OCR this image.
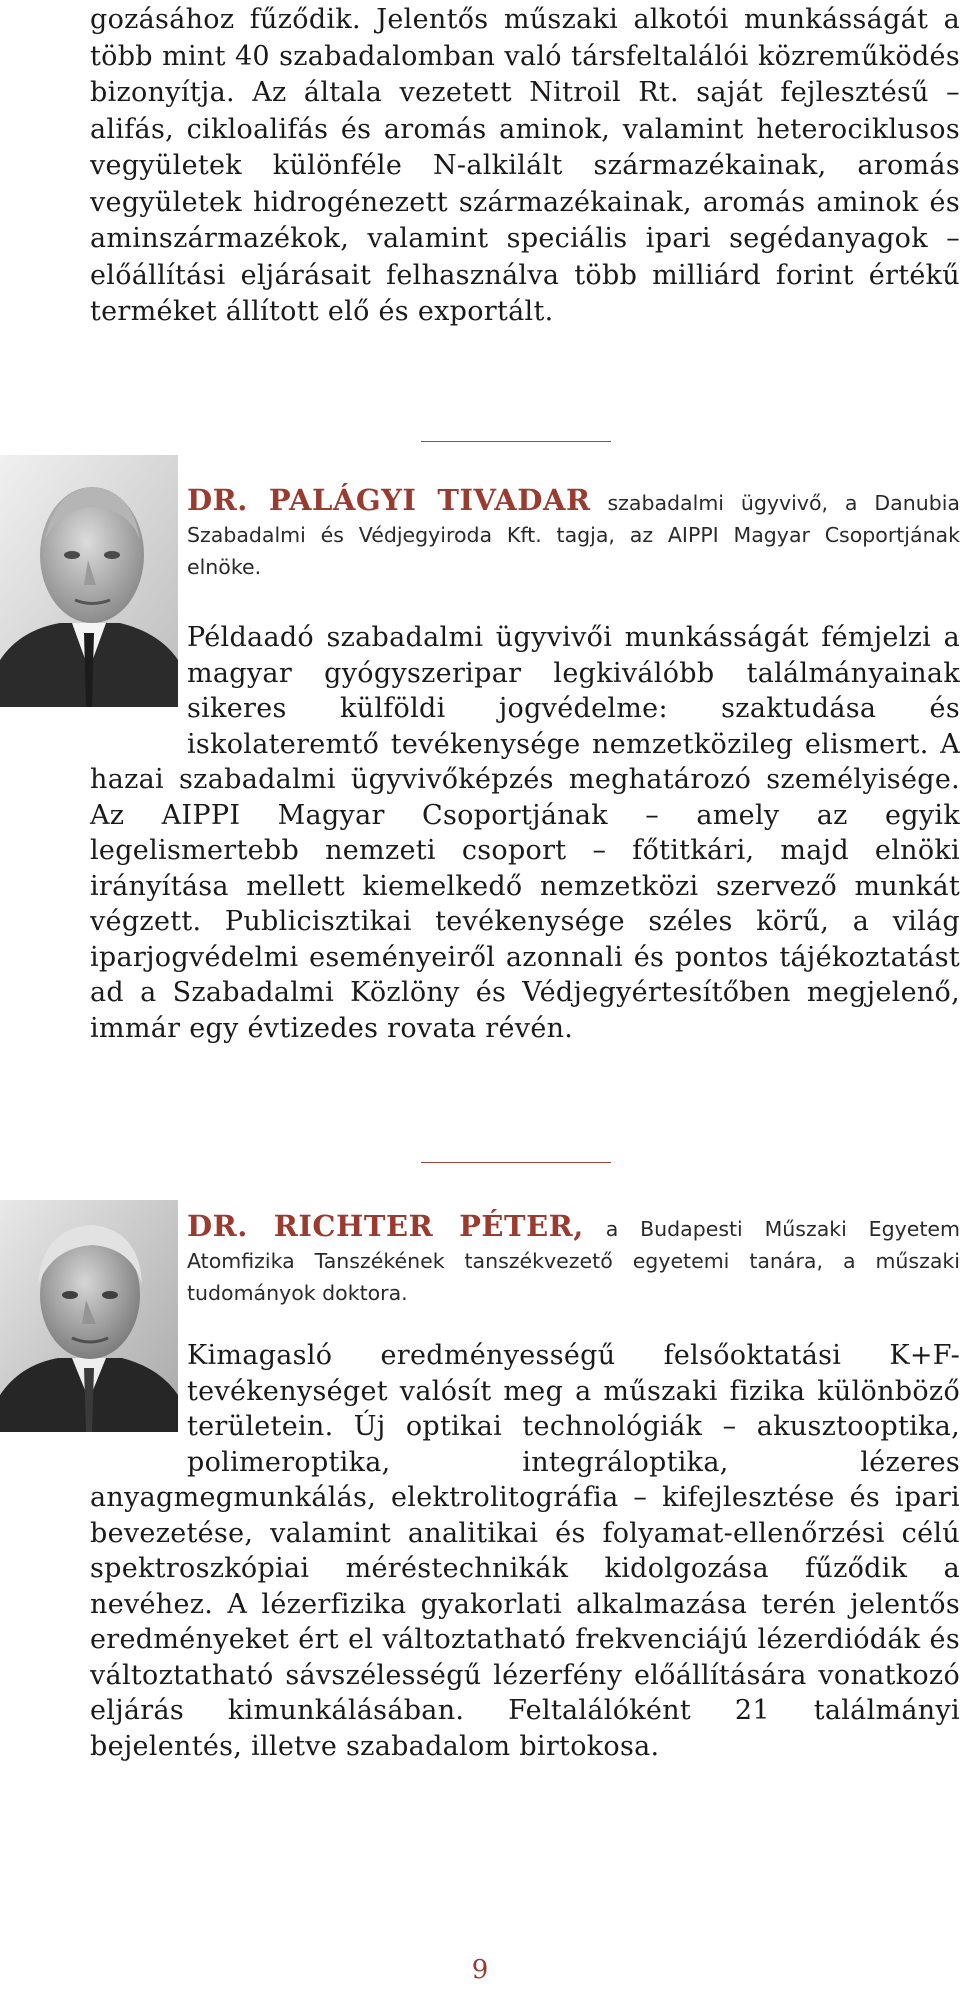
gozásához fűződik. Jelentős műszaki alkotói munkásságát a több mint 40 szabadalomban való társfeltalálói közreműködés bizonyítja. Az általa vezetett Nitroil Rt. saját fejlesztésű – alifás, cikloalifás és aromás aminok, valamint heterociklusos vegyületek különféle N-alkilált származékainak, aromás vegyületek hidrogénezett származékainak, aromás aminok és aminszármazékok, valamint speciális ipari segédanyagok – előállítási eljárásait felhasználva több milliárd forint értékű terméket állított elő és exportált.
DR. PALÁGYI TIVADAR szabadalmi ügyvivő, a Danubia Szabadalmi és Védjegyiroda Kft. tagja, az AIPPI Magyar Csoportjának elnöke.
Példaadó szabadalmi ügyvivői munkásságát fémjelzi a magyar gyógyszeripar legkiválóbb találmányainak sikeres külföldi jogvédelme: szaktudása és iskolateremtő tevékenysége nemzetközileg elismert. A hazai szabadalmi ügyvivőképzés meghatározó személyisége. Az AIPPI Magyar Csoportjának – amely az egyik legelismertebb nemzeti csoport – főtitkári, majd elnöki irányítása mellett kiemelkedő nemzetközi szervező munkát végzett. Publicisztikai tevékenysége széles körű, a világ iparjogvédelmi eseményeiről azonnali és pontos tájékoztatást ad a Szabadalmi Közlöny és Védjegyértesítőben megjelenő, immár egy évtizedes rovata révén.
DR. RICHTER PÉTER, a Budapesti Műszaki Egyetem Atomfizika Tanszékének tanszékvezető egyetemi tanára, a műszaki tudományok doktora.
Kimagasló eredményességű felsőoktatási K+F-tevékenységet valósít meg a műszaki fizika különböző területein. Új optikai technológiák – akusztooptika, polimeroptika, integráloptika, lézeres anyagmegmunkálás, elektrolitográfia – kifejlesztése és ipari bevezetése, valamint analitikai és folyamat-ellenőrzési célú spektroszkópiai méréstechnikák kidolgozása fűződik a nevéhez. A lézerfizika gyakorlati alkalmazása terén jelentős eredményeket ért el változtatható frekvenciájú lézerdiódák és változtatható sávszélességű lézerfény előállítására vonatkozó eljárás kimunkálásában. Feltalálóként 21 találmányi bejelentés, illetve szabadalom birtokosa.
9
